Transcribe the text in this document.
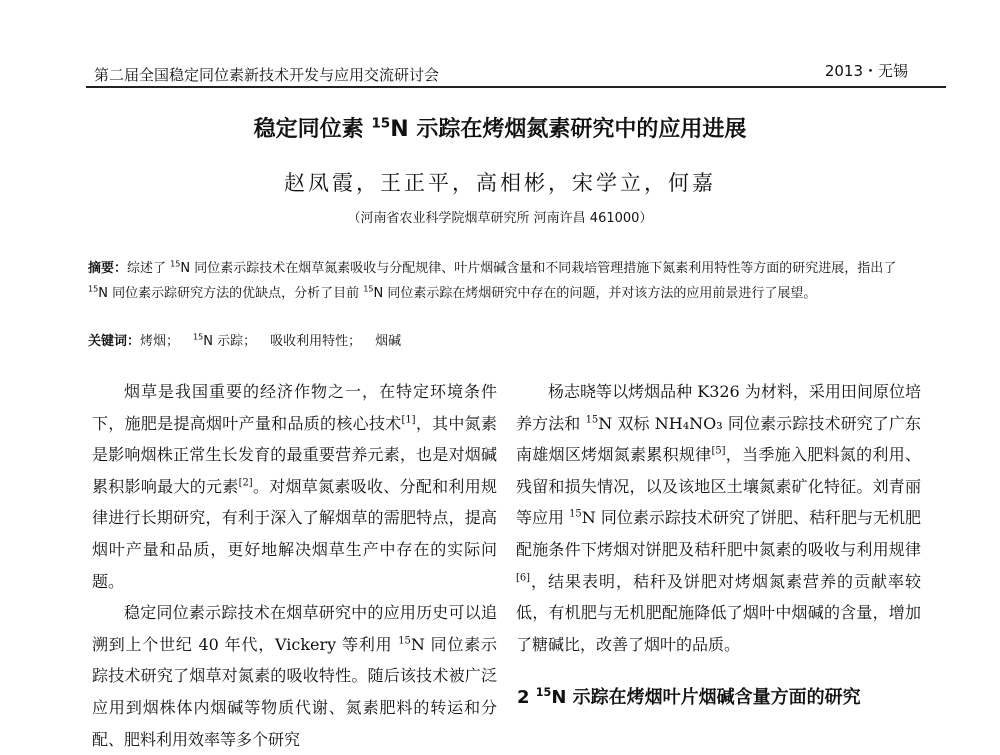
第二届全国稳定同位素新技术开发与应用交流研讨会	2013・无锡
稳定同位素 $^{15}$N 示踪在烤烟氮素研究中的应用进展
赵凤霞，王正平，高相彬，宋学立，何嘉
（河南省农业科学院烟草研究所 河南许昌 461000）
摘要：综述了 $^{15}$N 同位素示踪技术在烟草氮素吸收与分配规律、叶片烟碱含量和不同栽培管理措施下氮素利用特性等方面的研究进展，指出了 $^{15}$N 同位素示踪研究方法的优缺点，分析了目前 $^{15}$N 同位素示踪在烤烟研究中存在的问题，并对该方法的应用前景进行了展望。
关键词：烤烟； $^{15}$N 示踪； 吸收利用特性； 烟碱

烟草是我国重要的经济作物之一，在特定环境条件下，施肥是提高烟叶产量和品质的核心技术[1]，其中氮素是影响烟株正常生长发育的最重要营养元素，也是对烟碱累积影响最大的元素[2]。对烟草氮素吸收、分配和利用规律进行长期研究，有利于深入了解烟草的需肥特点，提高烟叶产量和品质，更好地解决烟草生产中存在的实际问题。

稳定同位素示踪技术在烟草研究中的应用历史可以追溯到上个世纪 40 年代，Vickery 等利用 $^{15}$N 同位素示踪技术研究了烟草对氮素的吸收特性。随后该技术被广泛应用到烟株体内烟碱等物质代谢、氮素肥料的转运和分配、肥料利用效率等多个研究

杨志晓等以烤烟品种 K326 为材料，采用田间原位培养方法和 $^{15}$N 双标 NH₄NO₃ 同位素示踪技术研究了广东南雄烟区烤烟氮素累积规律[5]，当季施入肥料氮的利用、残留和损失情况，以及该地区土壤氮素矿化特征。刘青丽等应用 $^{15}$N 同位素示踪技术研究了饼肥、秸秆肥与无机肥配施条件下烤烟对饼肥及秸秆肥中氮素的吸收与利用规律[6]，结果表明，秸秆及饼肥对烤烟氮素营养的贡献率较低，有机肥与无机肥配施降低了烟叶中烟碱的含量，增加了糖碱比，改善了烟叶的品质。

2 $^{15}$N 示踪在烤烟叶片烟碱含量方面的研究
